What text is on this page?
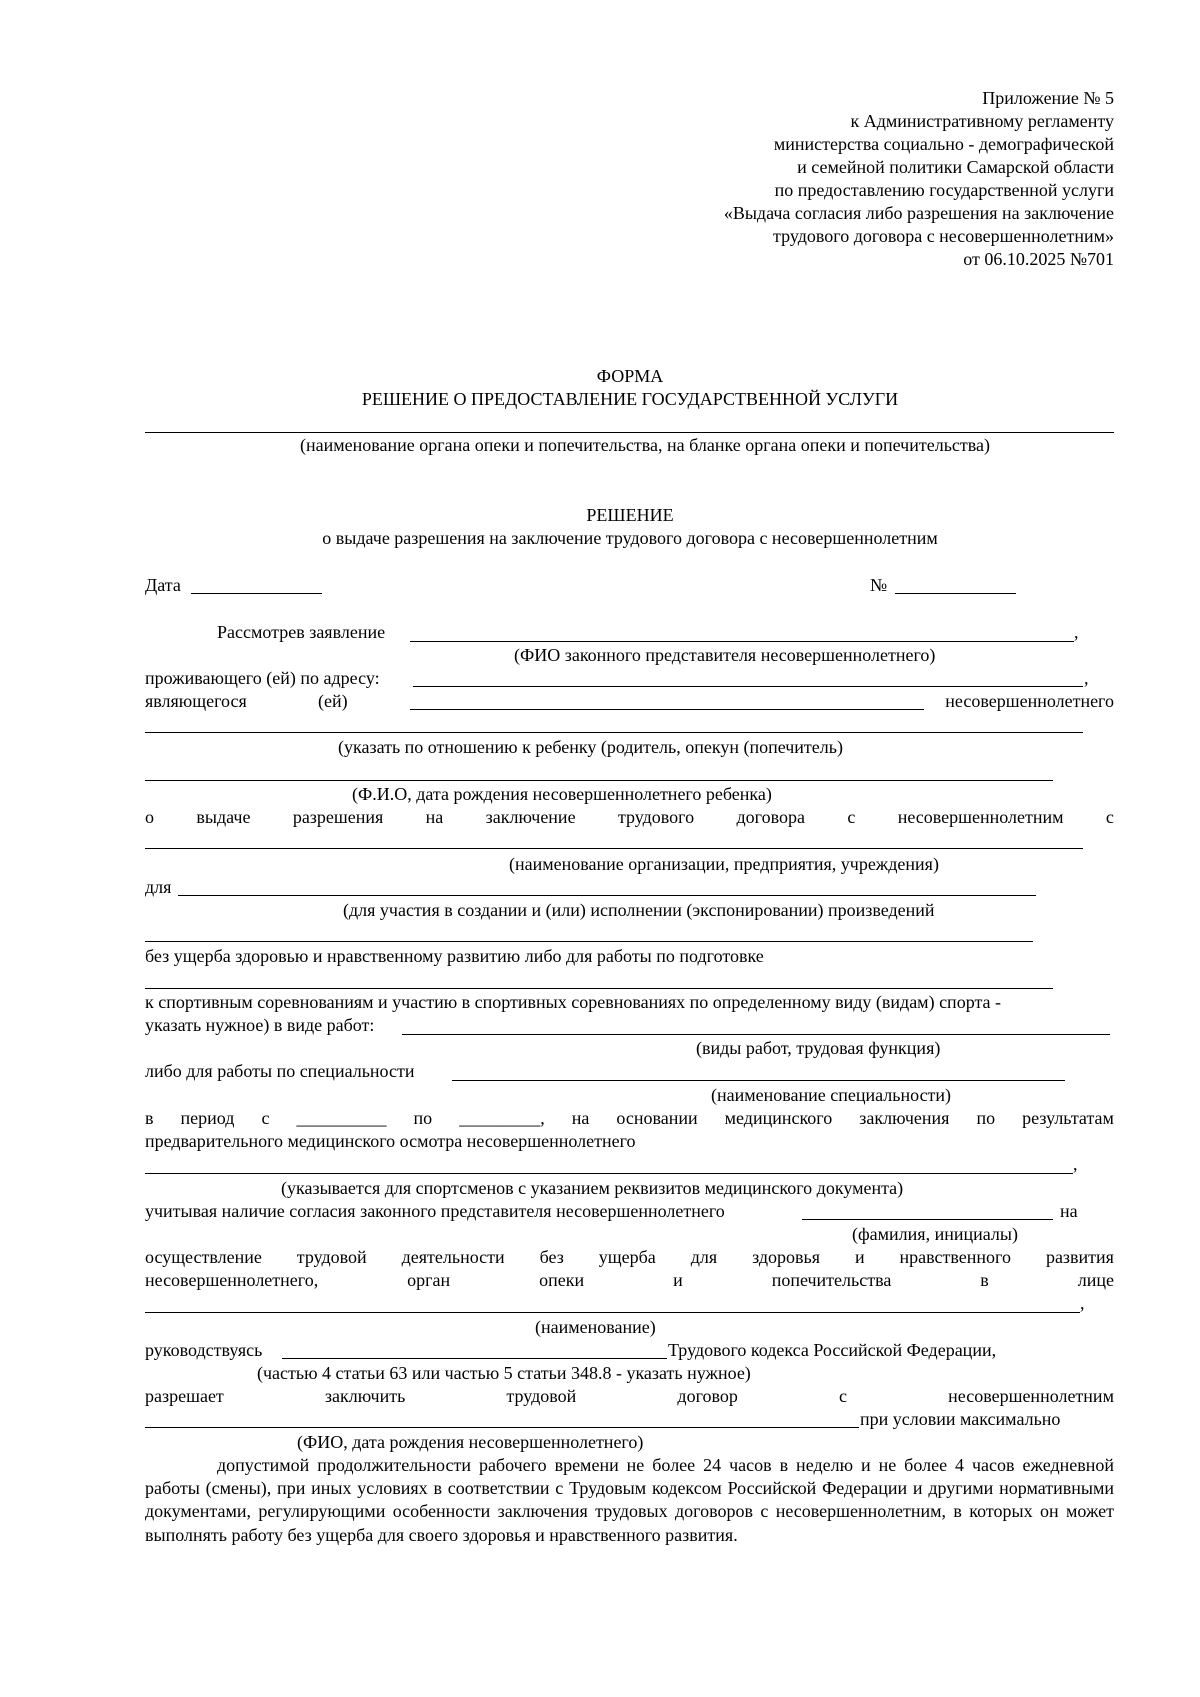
Приложение № 5
к Административному регламенту
министерства социально - демографической
и семейной политики Самарской области
по предоставлению государственной услуги
«Выдача согласия либо разрешения на заключение
трудового договора с несовершеннолетним»
от 06.10.2025 №701
ФОРМА
РЕШЕНИЕ О ПРЕДОСТАВЛЕНИЕ ГОСУДАРСТВЕННОЙ УСЛУГИ
(наименование органа опеки и попечительства, на бланке органа опеки и попечительства)
РЕШЕНИЕ
о выдаче разрешения на заключение трудового договора с несовершеннолетним
Дата	№
Рассмотрев заявление	,
(ФИО законного представителя несовершеннолетнего)
проживающего (ей) по адресу:	,
являющегося	(ей)	несовершеннолетнего
(указать по отношению к ребенку (родитель, опекун (попечитель)
(Ф.И.О, дата рождения несовершеннолетнего ребенка)
о выдаче разрешения на заключение трудового договора с несовершеннолетним с
(наименование организации, предприятия, учреждения)
для
(для участия в создании и (или) исполнении (экспонировании) произведений
без ущерба здоровью и нравственному развитию либо для работы по подготовке
к спортивным соревнованиям и участию в спортивных соревнованиях по определенному виду (видам) спорта -
указать нужное) в виде работ:
(виды работ, трудовая функция)
либо для работы по специальности
(наименование специальности)
в период с __________ по _________, на основании медицинского заключения по результатам
предварительного медицинского осмотра несовершеннолетнего
,
(указывается для спортсменов с указанием реквизитов медицинского документа)
учитывая наличие согласия законного представителя несовершеннолетнего	на
(фамилия, инициалы)
осуществление трудовой деятельности без ущерба для здоровья и нравственного развития
несовершеннолетнего,	орган	опеки	и	попечительства	в	лице
,
(наименование)
руководствуясь	Трудового кодекса Российской Федерации,
(частью 4 статьи 63 или частью 5 статьи 348.8 - указать нужное)
разрешает	заключить	трудовой	договор	с	несовершеннолетним
при условии максимально
(ФИО, дата рождения несовершеннолетнего)
допустимой продолжительности рабочего времени не более 24 часов в неделю и не более 4 часов ежедневной работы (смены), при иных условиях в соответствии с Трудовым кодексом Российской Федерации и другими нормативными документами, регулирующими особенности заключения трудовых договоров с несовершеннолетним, в которых он может выполнять работу без ущерба для своего здоровья и нравственного развития.
